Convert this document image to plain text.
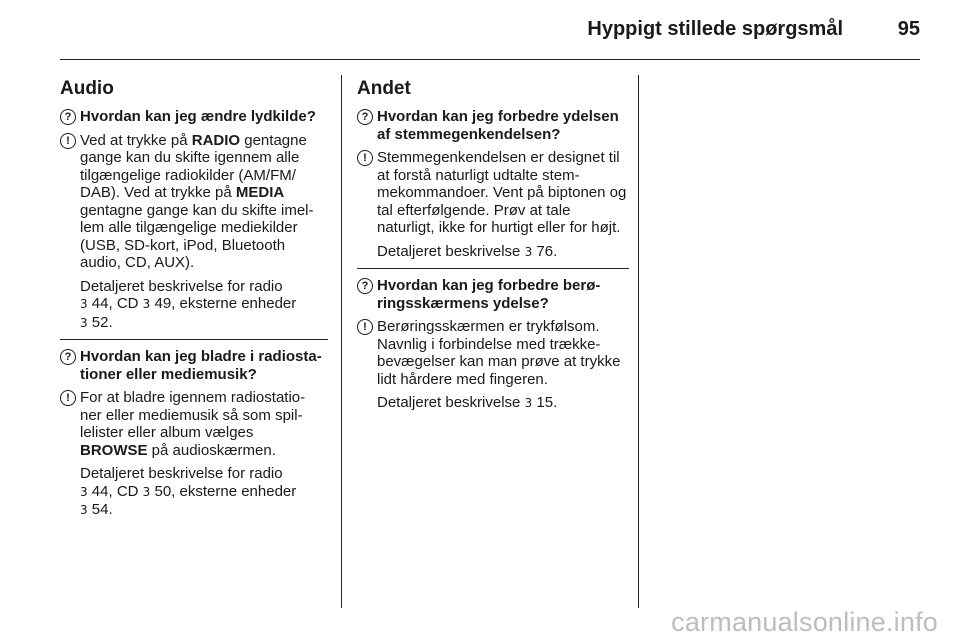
Hyppigt stillede spørgsmål	95
Audio
? Hvordan kan jeg ændre lydkilde?
! Ved at trykke på RADIO gentagne gange kan du skifte igennem alle tilgængelige radiokilder (AM/FM/ DAB). Ved at trykke på MEDIA gentagne gange kan du skifte imel- lem alle tilgængelige mediekilder (USB, SD-kort, iPod, Bluetooth audio, CD, AUX).
Detaljeret beskrivelse for radio
3 44, CD 3 49, eksterne enheder
3 52.
? Hvordan kan jeg bladre i radiosta- tioner eller mediemusik?
! For at bladre igennem radiostatio- ner eller mediemusik så som spil- lelister eller album vælges
BROWSE på audioskærmen.
Detaljeret beskrivelse for radio
3 44, CD 3 50, eksterne enheder
3 54.
Andet
? Hvordan kan jeg forbedre ydelsen af stemmegenkendelsen?
! Stemmegenkendelsen er designet til at forstå naturligt udtalte stem- mekommandoer. Vent på biptonen og tal efterfølgende. Prøv at tale naturligt, ikke for hurtigt eller for højt.
Detaljeret beskrivelse 3 76.
? Hvordan kan jeg forbedre berø- ringsskærmens ydelse?
! Berøringsskærmen er trykfølsom. Navnlig i forbindelse med trække- bevægelser kan man prøve at trykke lidt hårdere med fingeren.
Detaljeret beskrivelse 3 15.
carmanualsonline.info
